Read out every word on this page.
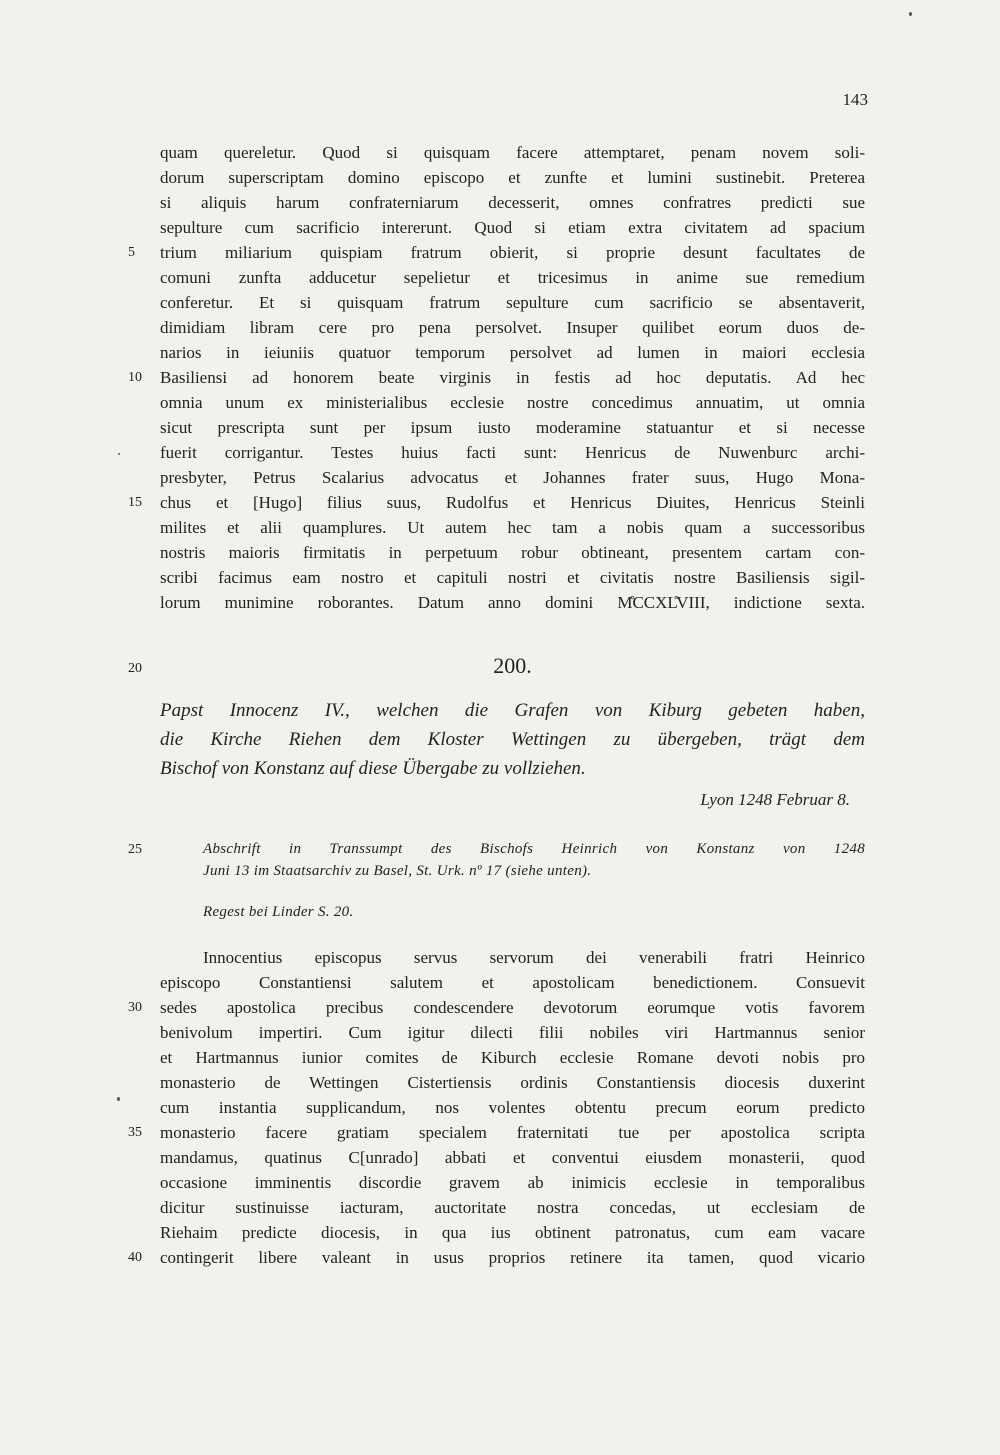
143
quam quereletur. Quod si quisquam facere attemptaret, penam novem soli-
dorum superscriptam domino episcopo et zunfte et lumini sustinebit. Preterea
si aliquis harum confraterniarum decesserit, omnes confratres predicti sue
sepulture cum sacrificio intererunt. Quod si etiam extra civitatem ad spacium
trium miliarium quispiam fratrum obierit, si proprie desunt facultates de
comuni zunfta adducetur sepelietur et tricesimus in anime sue remedium
conferetur. Et si quisquam fratrum sepulture cum sacrificio se absentaverit,
dimidiam libram cere pro pena persolvet. Insuper quilibet eorum duos de-
narios in ieiuniis quatuor temporum persolvet ad lumen in maiori ecclesia
Basiliensi ad honorem beate virginis in festis ad hoc deputatis. Ad hec
omnia unum ex ministerialibus ecclesie nostre concedimus annuatim, ut omnia
sicut prescripta sunt per ipsum iusto moderamine statuantur et si necesse
fuerit corrigantur. Testes huius facti sunt: Henricus de Nuwenburc archi-
presbyter, Petrus Scalarius advocatus et Johannes frater suus, Hugo Mona-
chus et [Hugo] filius suus, Rudolfus et Henricus Diuites, Henricus Steinli
milites et alii quamplures. Ut autem hec tam a nobis quam a successoribus
nostris maioris firmitatis in perpetuum robur obtineant, presentem cartam con-
scribi facimus eam nostro et capituli nostri et civitatis nostre Basiliensis sigil-
lorum munimine roborantes. Datum anno domini M̊CCXL̊VIII, indictione sexta.
5
10
15
20
25
30
35
40
200.
Papst Innocenz IV., welchen die Grafen von Kiburg gebeten haben,
die Kirche Riehen dem Kloster Wettingen zu übergeben, trägt dem
Bischof von Konstanz auf diese Übergabe zu vollziehen.
Lyon 1248 Februar 8.
Abschrift in Transsumpt des Bischofs Heinrich von Konstanz von 1248
Juni 13 im Staatsarchiv zu Basel, St. Urk. nº 17 (siehe unten).
Regest bei Linder S. 20.
Innocentius episcopus servus servorum dei venerabili fratri Heinrico
episcopo Constantiensi salutem et apostolicam benedictionem. Consuevit
sedes apostolica precibus condescendere devotorum eorumque votis favorem
benivolum impertiri. Cum igitur dilecti filii nobiles viri Hartmannus senior
et Hartmannus iunior comites de Kiburch ecclesie Romane devoti nobis pro
monasterio de Wettingen Cistertiensis ordinis Constantiensis diocesis duxerint
cum instantia supplicandum, nos volentes obtentu precum eorum predicto
monasterio facere gratiam specialem fraternitati tue per apostolica scripta
mandamus, quatinus C[unrado] abbati et conventui eiusdem monasterii, quod
occasione imminentis discordie gravem ab inimicis ecclesie in temporalibus
dicitur sustinuisse iacturam, auctoritate nostra concedas, ut ecclesiam de
Riehaim predicte diocesis, in qua ius obtinent patronatus, cum eam vacare
contingerit libere valeant in usus proprios retinere ita tamen, quod vicario
